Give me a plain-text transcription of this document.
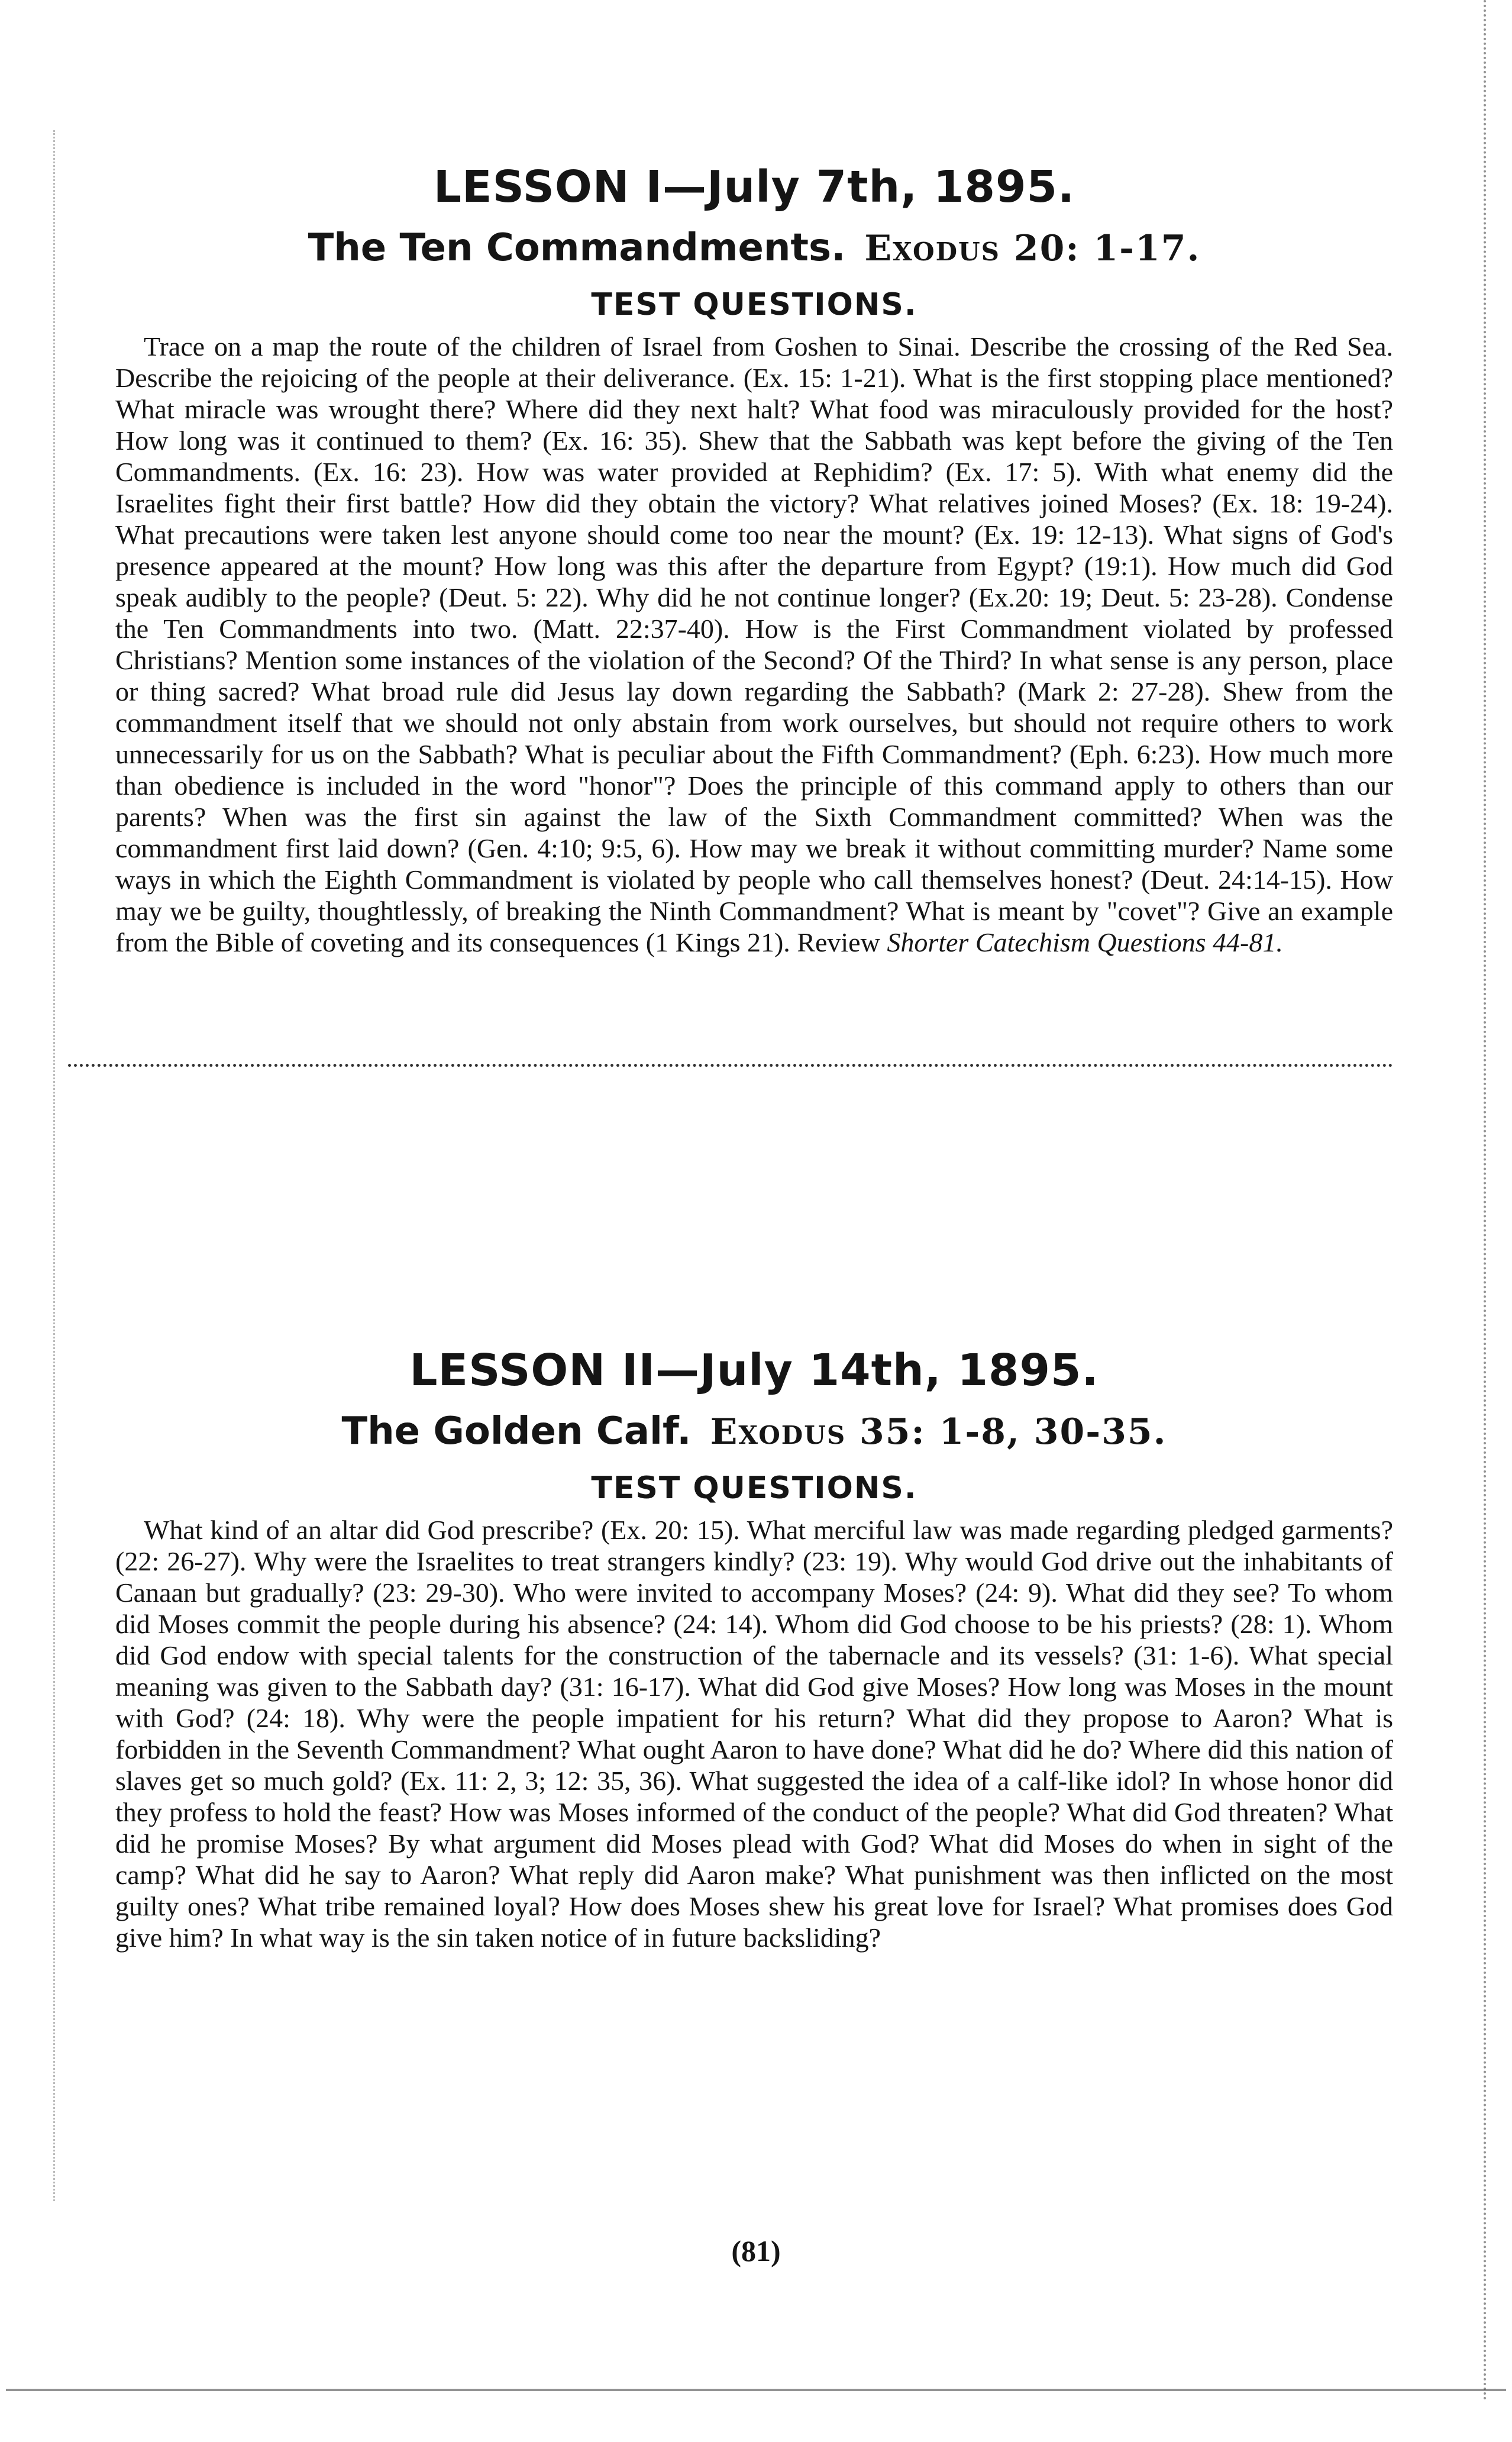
LESSON I—July 7th, 1895.
The Ten Commandments. Exodus 20: 1-17.
TEST QUESTIONS.

Trace on a map the route of the children of Israel from Goshen to Sinai. Describe the crossing of the Red Sea. Describe the rejoicing of the people at their deliverance. (Ex. 15: 1-21). What is the first stopping place mentioned? What miracle was wrought there? Where did they next halt? What food was miraculously provided for the host? How long was it continued to them? (Ex. 16: 35). Shew that the Sabbath was kept before the giving of the Ten Commandments. (Ex. 16: 23). How was water provided at Rephidim? (Ex. 17: 5). With what enemy did the Israelites fight their first battle? How did they obtain the victory? What relatives joined Moses? (Ex. 18: 19-24). What precautions were taken lest anyone should come too near the mount? (Ex. 19: 12-13). What signs of God's presence appeared at the mount? How long was this after the departure from Egypt? (19:1). How much did God speak audibly to the people? (Deut. 5: 22). Why did he not continue longer? (Ex.20: 19; Deut. 5: 23-28). Condense the Ten Commandments into two. (Matt. 22:37-40). How is the First Commandment violated by professed Christians? Mention some instances of the violation of the Second? Of the Third? In what sense is any person, place or thing sacred? What broad rule did Jesus lay down regarding the Sabbath? (Mark 2: 27-28). Shew from the commandment itself that we should not only abstain from work ourselves, but should not require others to work unnecessarily for us on the Sabbath? What is peculiar about the Fifth Commandment? (Eph. 6:23). How much more than obedience is included in the word "honor"? Does the principle of this command apply to others than our parents? When was the first sin against the law of the Sixth Commandment committed? When was the commandment first laid down? (Gen. 4:10; 9:5, 6). How may we break it without committing murder? Name some ways in which the Eighth Commandment is violated by people who call themselves honest? (Deut. 24:14-15). How may we be guilty, thoughtlessly, of breaking the Ninth Commandment? What is meant by "covet"? Give an example from the Bible of coveting and its consequences (1 Kings 21). Review Shorter Catechism Questions 44-81.

LESSON II—July 14th, 1895.
The Golden Calf. Exodus 35: 1-8, 30-35.
TEST QUESTIONS.

What kind of an altar did God prescribe? (Ex. 20: 15). What merciful law was made regarding pledged garments? (22: 26-27). Why were the Israelites to treat strangers kindly? (23: 19). Why would God drive out the inhabitants of Canaan but gradually? (23: 29-30). Who were invited to accompany Moses? (24: 9). What did they see? To whom did Moses commit the people during his absence? (24: 14). Whom did God choose to be his priests? (28: 1). Whom did God endow with special talents for the construction of the tabernacle and its vessels? (31: 1-6). What special meaning was given to the Sabbath day? (31: 16-17). What did God give Moses? How long was Moses in the mount with God? (24: 18). Why were the people impatient for his return? What did they propose to Aaron? What is forbidden in the Seventh Commandment? What ought Aaron to have done? What did he do? Where did this nation of slaves get so much gold? (Ex. 11: 2, 3; 12: 35, 36). What suggested the idea of a calf-like idol? In whose honor did they profess to hold the feast? How was Moses informed of the conduct of the people? What did God threaten? What did he promise Moses? By what argument did Moses plead with God? What did Moses do when in sight of the camp? What did he say to Aaron? What reply did Aaron make? What punishment was then inflicted on the most guilty ones? What tribe remained loyal? How does Moses shew his great love for Israel? What promises does God give him? In what way is the sin taken notice of in future backsliding?

(81)
